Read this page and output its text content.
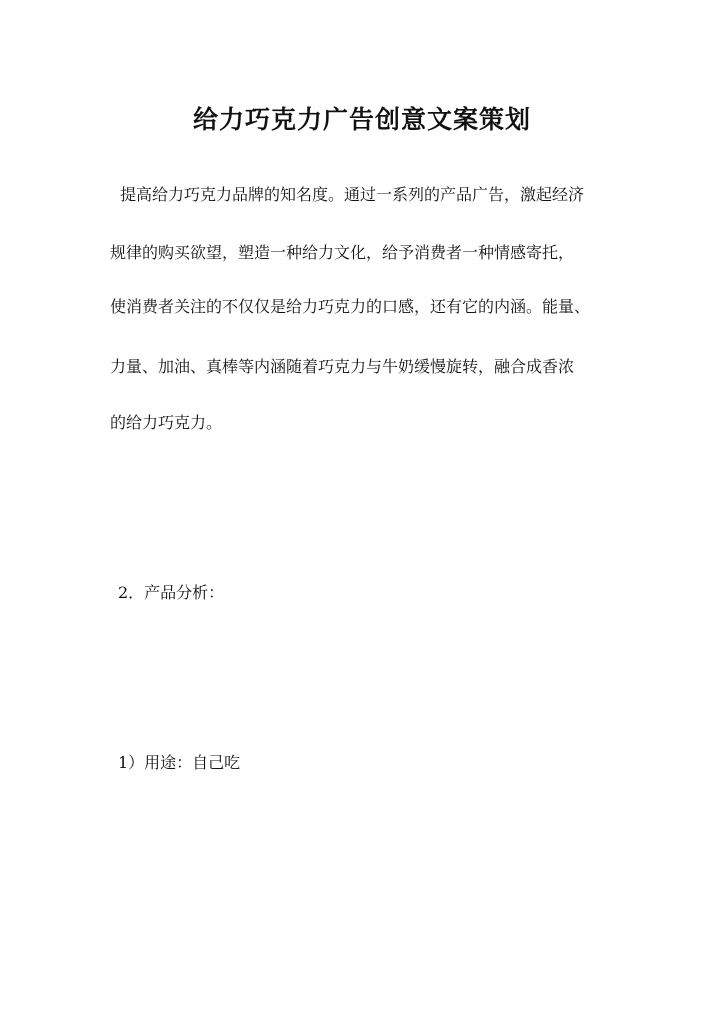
给力巧克力广告创意文案策划

提高给力巧克力品牌的知名度。通过一系列的产品广告，激起经济

规律的购买欲望，塑造一种给力文化，给予消费者一种情感寄托，

使消费者关注的不仅仅是给力巧克力的口感，还有它的内涵。能量、

力量、加油、真棒等内涵随着巧克力与牛奶缓慢旋转，融合成香浓

的给力巧克力。

2．产品分析：

1）用途：自己吃
